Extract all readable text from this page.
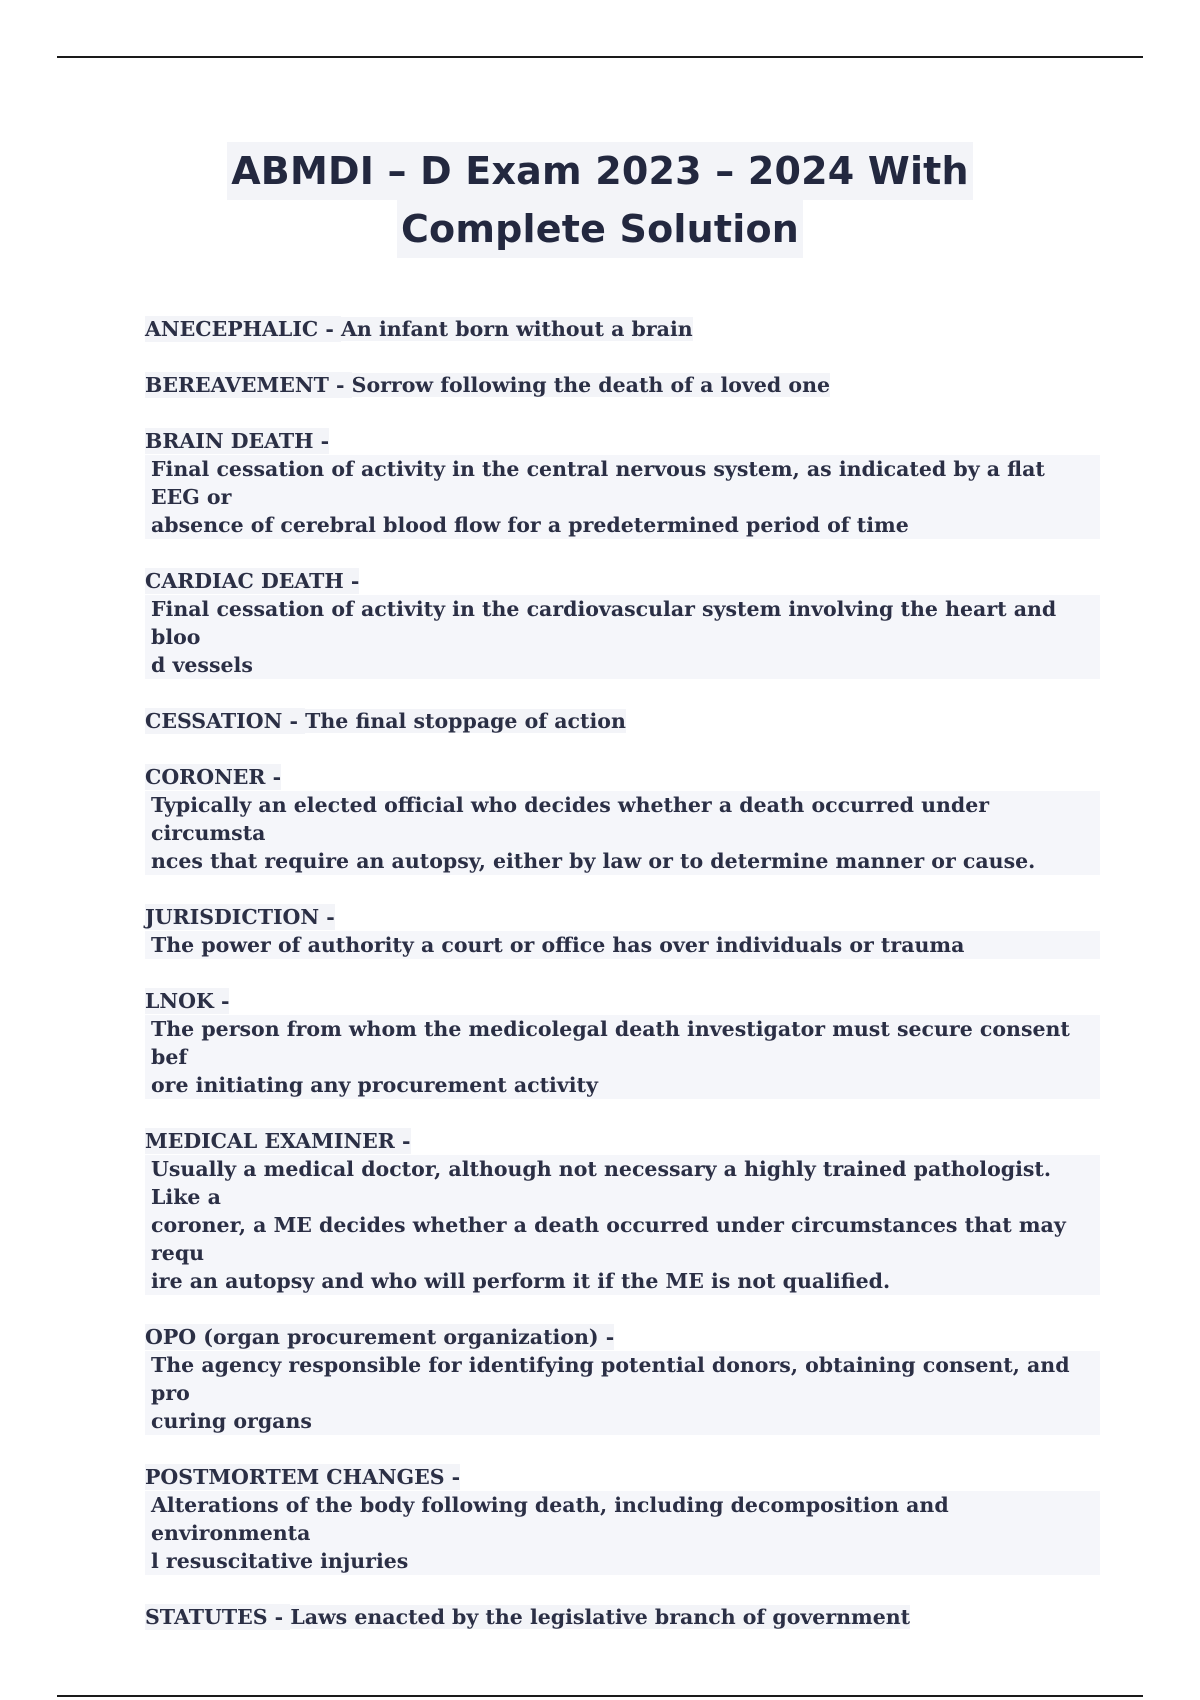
ABMDI – D Exam 2023 – 2024 With
Complete Solution
ANECEPHALIC - An infant born without a brain
BEREAVEMENT - Sorrow following the death of a loved one
BRAIN DEATH -
Final cessation of activity in the central nervous system, as indicated by a flat EEG or
absence of cerebral blood flow for a predetermined period of time
CARDIAC DEATH -
Final cessation of activity in the cardiovascular system involving the heart and bloo
d vessels
CESSATION - The final stoppage of action
CORONER -
Typically an elected official who decides whether a death occurred under circumsta
nces that require an autopsy, either by law or to determine manner or cause.
JURISDICTION -
The power of authority a court or office has over individuals or trauma
LNOK -
The person from whom the medicolegal death investigator must secure consent bef
ore initiating any procurement activity
MEDICAL EXAMINER -
Usually a medical doctor, although not necessary a highly trained pathologist. Like a
coroner, a ME decides whether a death occurred under circumstances that may requ
ire an autopsy and who will perform it if the ME is not qualified.
OPO (organ procurement organization) -
The agency responsible for identifying potential donors, obtaining consent, and pro
curing organs
POSTMORTEM CHANGES -
Alterations of the body following death, including decomposition and environmenta
l resuscitative injuries
STATUTES - Laws enacted by the legislative branch of government
